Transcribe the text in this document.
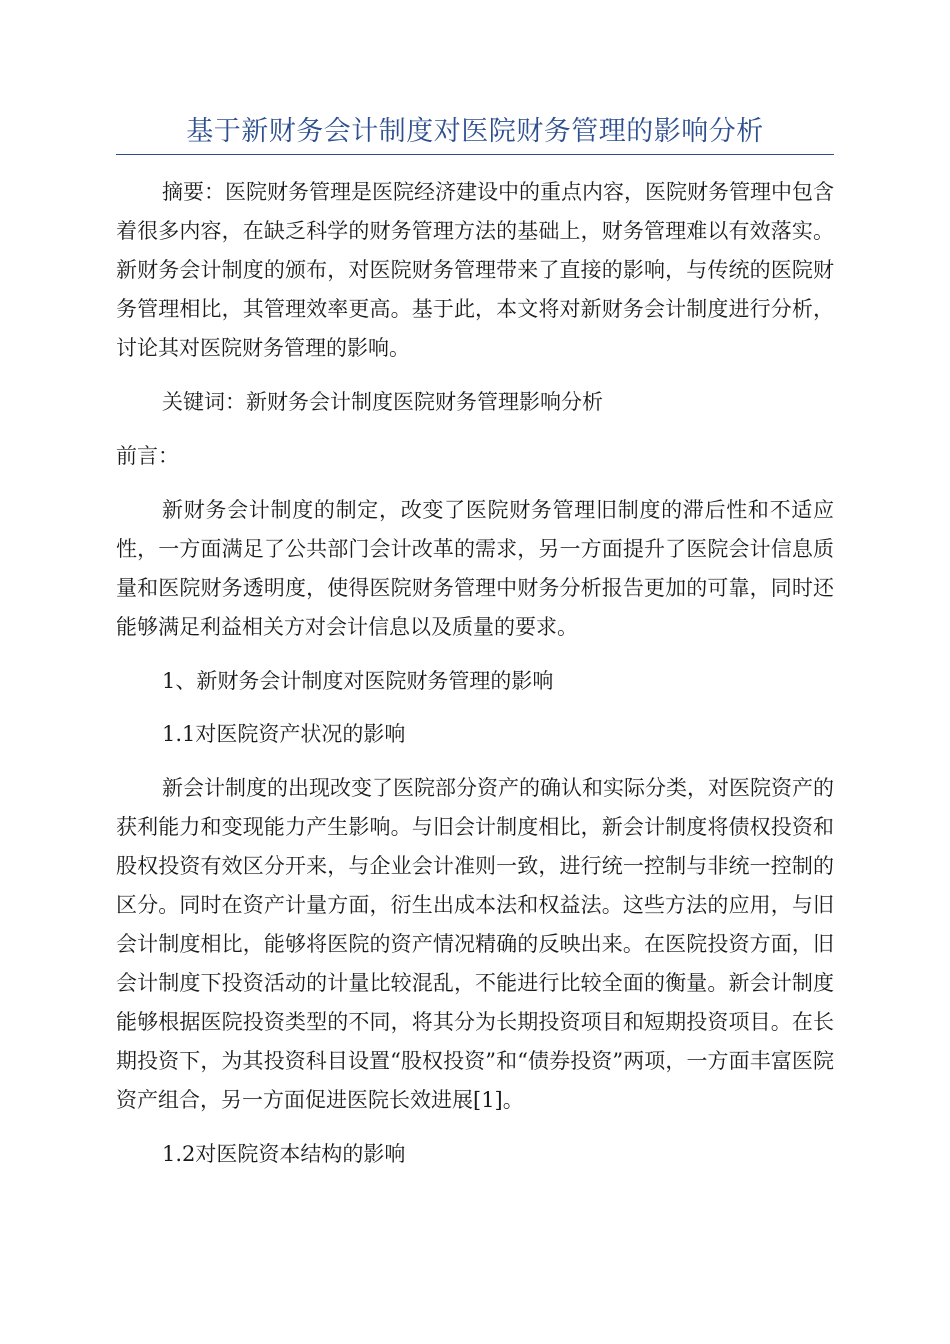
基于新财务会计制度对医院财务管理的影响分析

摘要：医院财务管理是医院经济建设中的重点内容，医院财务管理中包含着很多内容，在缺乏科学的财务管理方法的基础上，财务管理难以有效落实。新财务会计制度的颁布，对医院财务管理带来了直接的影响，与传统的医院财务管理相比，其管理效率更高。基于此，本文将对新财务会计制度进行分析，讨论其对医院财务管理的影响。

关键词：新财务会计制度医院财务管理影响分析

前言：

新财务会计制度的制定，改变了医院财务管理旧制度的滞后性和不适应性，一方面满足了公共部门会计改革的需求，另一方面提升了医院会计信息质量和医院财务透明度，使得医院财务管理中财务分析报告更加的可靠，同时还能够满足利益相关方对会计信息以及质量的要求。

1、新财务会计制度对医院财务管理的影响

1.1对医院资产状况的影响

新会计制度的出现改变了医院部分资产的确认和实际分类，对医院资产的获利能力和变现能力产生影响。与旧会计制度相比，新会计制度将债权投资和股权投资有效区分开来，与企业会计准则一致，进行统一控制与非统一控制的区分。同时在资产计量方面，衍生出成本法和权益法。这些方法的应用，与旧会计制度相比，能够将医院的资产情况精确的反映出来。在医院投资方面，旧会计制度下投资活动的计量比较混乱，不能进行比较全面的衡量。新会计制度能够根据医院投资类型的不同，将其分为长期投资项目和短期投资项目。在长期投资下，为其投资科目设置“股权投资”和“债券投资”两项，一方面丰富医院资产组合，另一方面促进医院长效进展[1]。

1.2对医院资本结构的影响
